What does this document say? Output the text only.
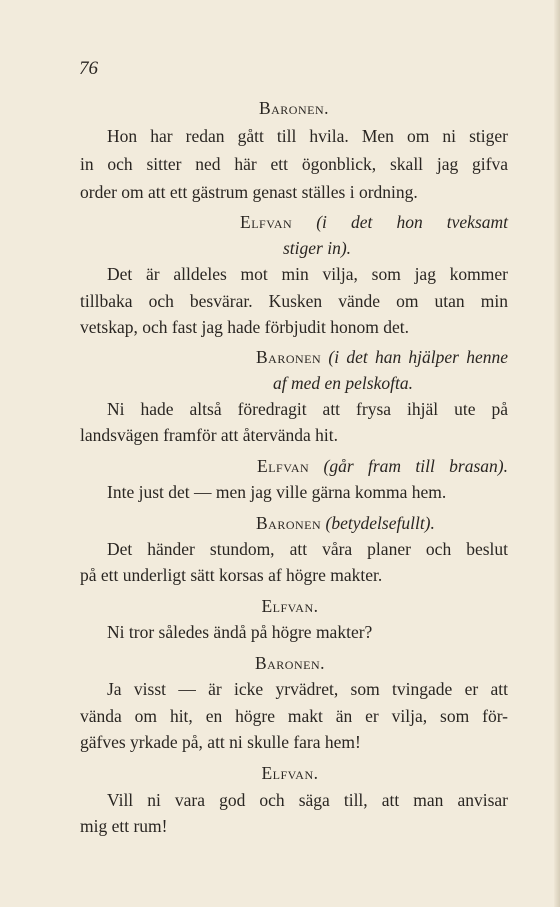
76
Baronen.
Hon har redan gått till hvila. Men om ni stiger
in och sitter ned här ett ögonblick, skall jag gifva
order om att ett gästrum genast ställes i ordning.
Elfvan (i det hon tveksamt
stiger in).
Det är alldeles mot min vilja, som jag kommer
tillbaka och besvärar. Kusken vände om utan min
vetskap, och fast jag hade förbjudit honom det.
Baronen (i det han hjälper henne
af med en pelskofta.
Ni hade altså föredragit att frysa ihjäl ute på
landsvägen framför att återvända hit.
Elfvan (går fram till brasan).
Inte just det — men jag ville gärna komma hem.
Baronen (betydelsefullt).
Det händer stundom, att våra planer och beslut
på ett underligt sätt korsas af högre makter.
Elfvan.
Ni tror således ändå på högre makter?
Baronen.
Ja visst — är icke yrvädret, som tvingade er att
vända om hit, en högre makt än er vilja, som för-
gäfves yrkade på, att ni skulle fara hem!
Elfvan.
Vill ni vara god och säga till, att man anvisar
mig ett rum!
